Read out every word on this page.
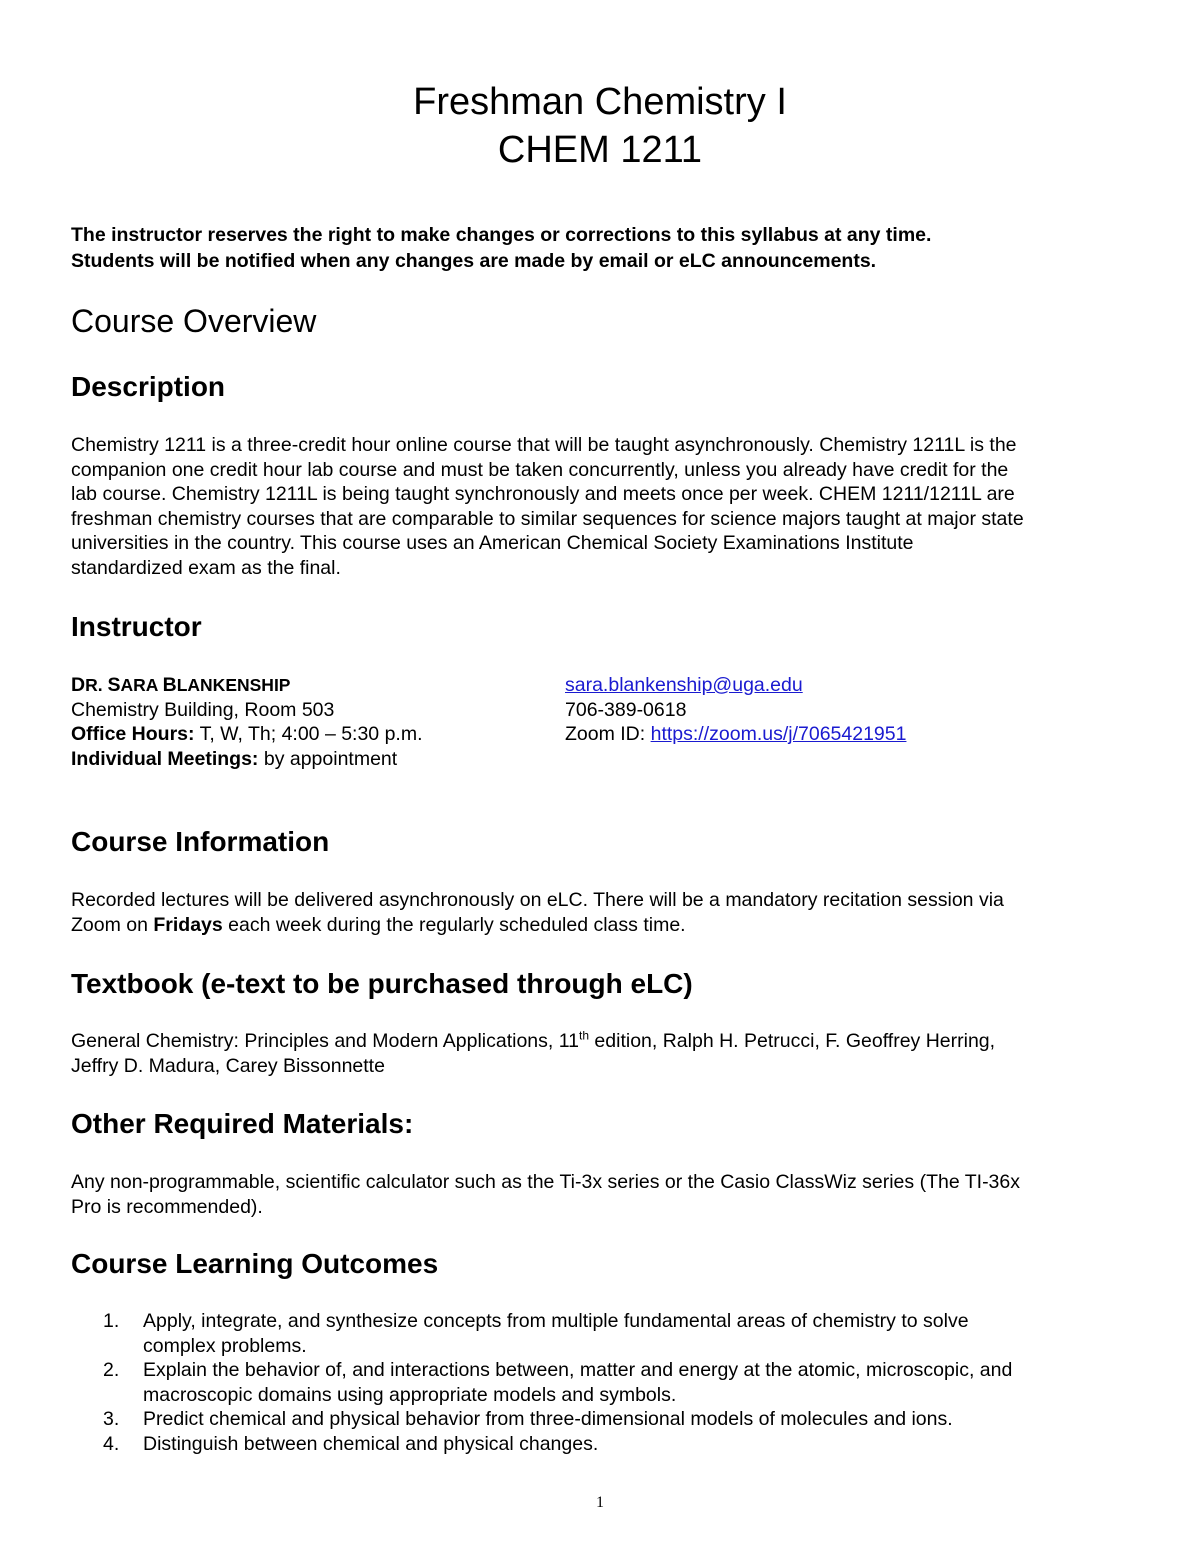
Freshman Chemistry I
CHEM 1211
The instructor reserves the right to make changes or corrections to this syllabus at any time.
Students will be notified when any changes are made by email or eLC announcements.
Course Overview
Description
Chemistry 1211 is a three-credit hour online course that will be taught asynchronously. Chemistry 1211L is the
companion one credit hour lab course and must be taken concurrently, unless you already have credit for the
lab course. Chemistry 1211L is being taught synchronously and meets once per week. CHEM 1211/1211L are
freshman chemistry courses that are comparable to similar sequences for science majors taught at major state
universities in the country. This course uses an American Chemical Society Examinations Institute
standardized exam as the final.
Instructor
DR. SARA BLANKENSHIP
Chemistry Building, Room 503
Office Hours: T, W, Th; 4:00 – 5:30 p.m.
Individual Meetings: by appointment
sara.blankenship@uga.edu
706-389-0618
Zoom ID: https://zoom.us/j/7065421951
Course Information
Recorded lectures will be delivered asynchronously on eLC. There will be a mandatory recitation session via
Zoom on Fridays each week during the regularly scheduled class time.
Textbook (e-text to be purchased through eLC)
General Chemistry: Principles and Modern Applications, 11th edition, Ralph H. Petrucci, F. Geoffrey Herring,
Jeffry D. Madura, Carey Bissonnette
Other Required Materials:
Any non-programmable, scientific calculator such as the Ti-3x series or the Casio ClassWiz series (The TI-36x
Pro is recommended).
Course Learning Outcomes
1. Apply, integrate, and synthesize concepts from multiple fundamental areas of chemistry to solve
complex problems.
2. Explain the behavior of, and interactions between, matter and energy at the atomic, microscopic, and
macroscopic domains using appropriate models and symbols.
3. Predict chemical and physical behavior from three-dimensional models of molecules and ions.
4. Distinguish between chemical and physical changes.
1
